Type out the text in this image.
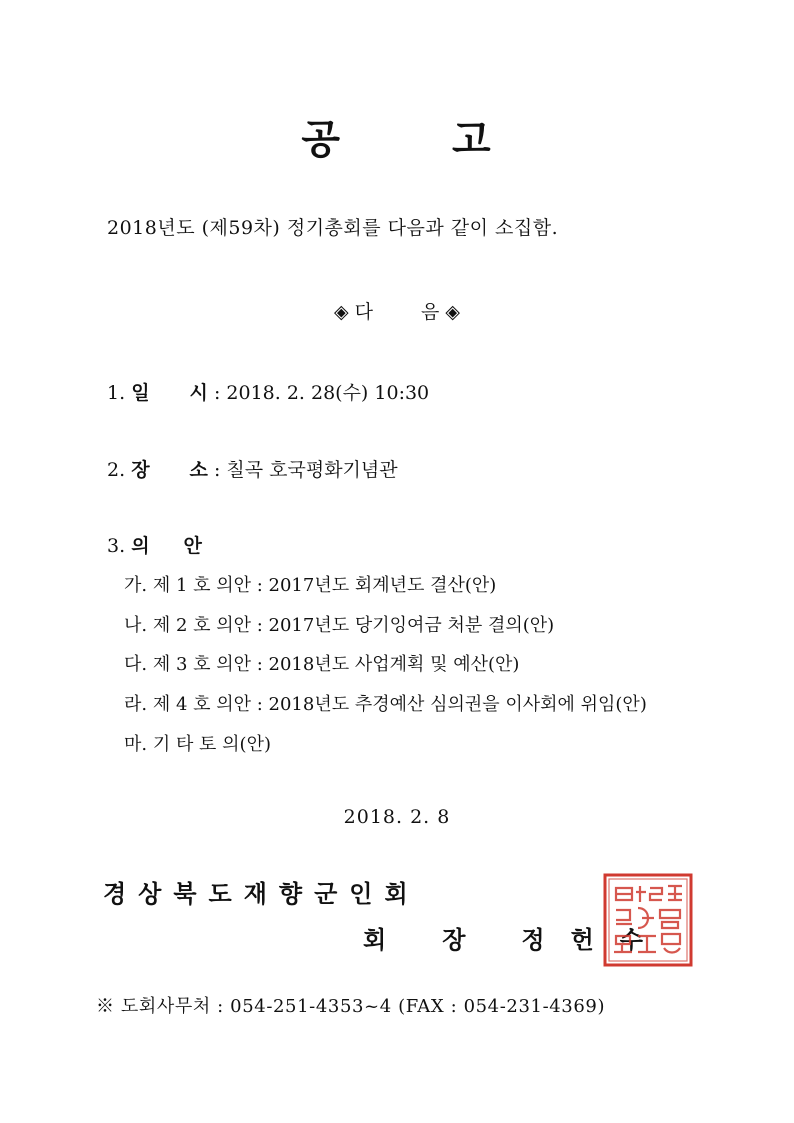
공	고
2018년도 (제59차) 정기총회를 다음과 같이 소집함.
◈ 다	음 ◈
1. 일 시 : 2018. 2. 28(수) 10:30
2. 장 소 : 칠곡 호국평화기념관
3. 의 안
가. 제 1 호 의안 : 2017년도 회계년도 결산(안)
나. 제 2 호 의안 : 2017년도 당기잉여금 처분 결의(안)
다. 제 3 호 의안 : 2018년도 사업계획 및 예산(안)
라. 제 4 호 의안 : 2018년도 추경예산 심의권을 이사회에 위임(안)
마. 기 타 토 의(안)
2018. 2. 8
경상북도재향군인회
회 장 정 헌 수
※ 도회사무처 : 054-251-4353~4 (FAX : 054-231-4369)
